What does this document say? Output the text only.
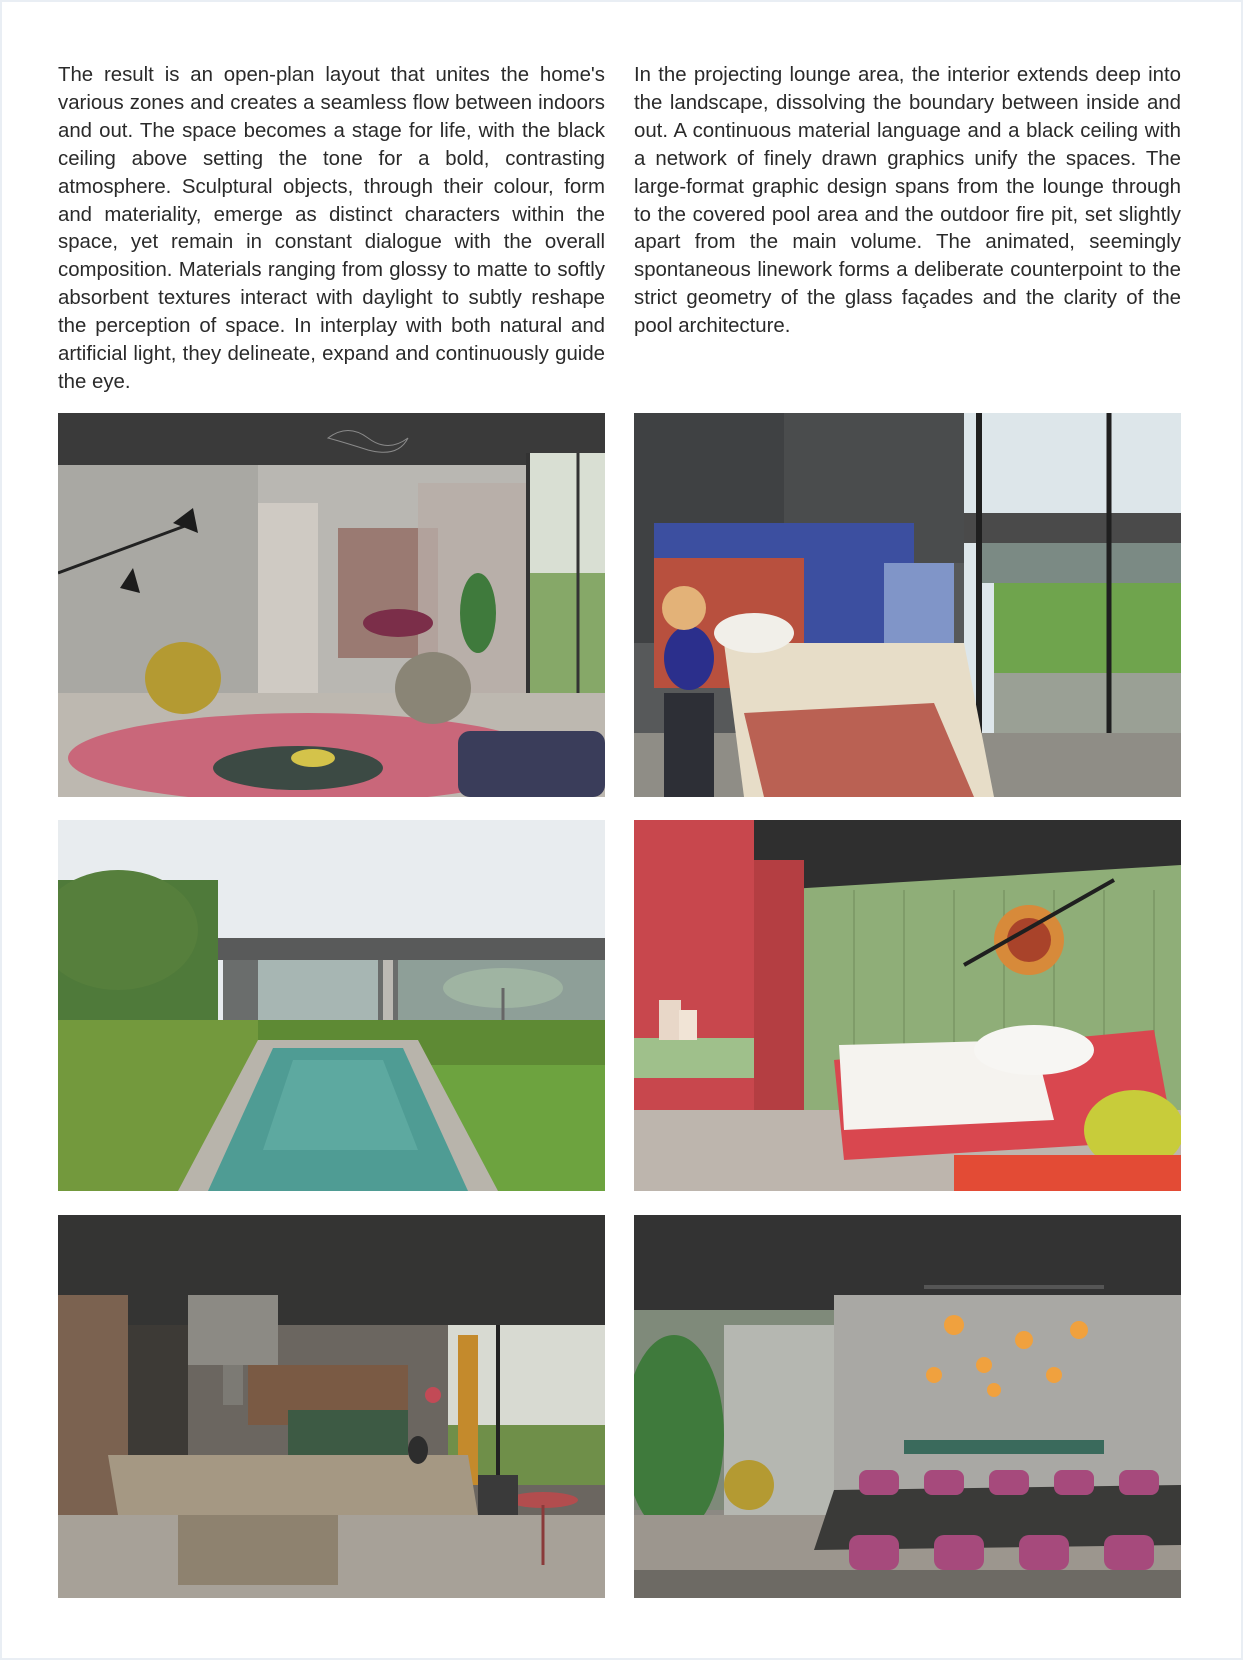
The result is an open-plan layout that unites the home's various zones and creates a seamless flow between indoors and out. The space becomes a stage for life, with the black ceiling above setting the tone for a bold, contrasting atmosphere. Sculptural objects, through their colour, form and materiality, emerge as distinct characters within the space, yet remain in constant dialogue with the overall composition. Materials ranging from glossy to matte to softly absorbent textures interact with daylight to subtly reshape the perception of space. In interplay with both natural and artificial light, they delineate, expand and continuously guide the eye.

In the projecting lounge area, the interior extends deep into the landscape, dissolving the boundary between inside and out. A continuous material language and a black ceiling with a network of finely drawn graphics unify the spaces. The large-format graphic design spans from the lounge through to the covered pool area and the outdoor fire pit, set slightly apart from the main volume. The animated, seemingly spontaneous linework forms a deliberate counterpoint to the strict geometry of the glass façades and the clarity of the pool architecture.
